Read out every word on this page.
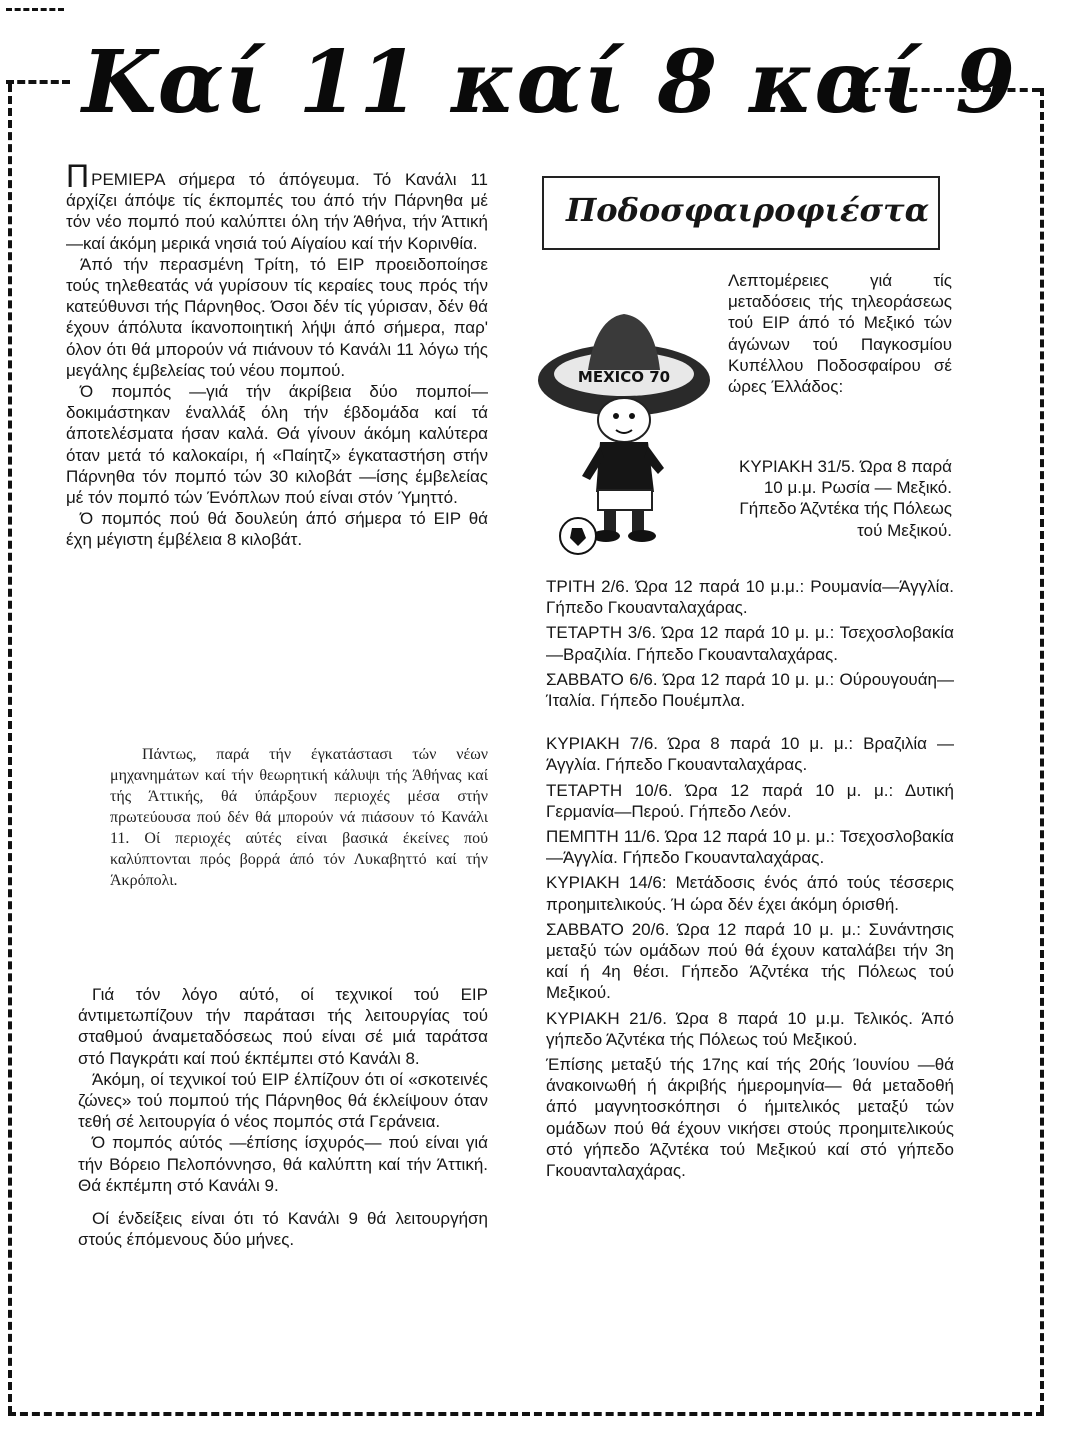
Καί 11 καί 8 καί 9

ΠΡΕΜΙΕΡΑ σήμερα τό άπόγευμα. Τό Κανάλι 11 άρχίζει άπόψε τίς έκπομπές του άπό τήν Πάρνηθα μέ τόν νέο πομπό πού καλύπτει όλη τήν Άθήνα, τήν Άττική —καί άκόμη μερικά νησιά τού Αίγαίου καί τήν Κορινθία.

Άπό τήν περασμένη Τρίτη, τό ΕΙΡ προειδοποίησε τούς τηλεθεατάς νά γυρίσουν τίς κεραίες τους πρός τήν κατεύθυνσι τής Πάρνηθος. Όσοι δέν τίς γύρισαν, δέν θά έχουν άπόλυτα ίκανοποιητική λήψι άπό σήμερα, παρ' όλον ότι θά μπορούν νά πιάνουν τό Κανάλι 11 λόγω τής μεγάλης έμβελείας τού νέου πομπού.

Ό πομπός —γιά τήν άκρίβεια δύο πομποί— δοκιμάστηκαν έναλλάξ όλη τήν έβδομάδα καί τά άποτελέσματα ήσαν καλά. Θά γίνουν άκόμη καλύτερα όταν μετά τό καλοκαίρι, ή «Παίητζ» έγκαταστήση στήν Πάρνηθα τόν πομπό τών 30 κιλοβάτ —ίσης έμβελείας μέ τόν πομπό τών Ένόπλων πού είναι στόν Ύμηττό.

Ό πομπός πού θά δουλεύη άπό σήμερα τό ΕΙΡ θά έχη μέγιστη έμβέλεια 8 κιλοβάτ.

Πάντως, παρά τήν έγκατάστασι τών νέων μηχανημάτων καί τήν θεωρητική κάλυψι τής Άθήνας καί τής Άττικής, θά ύπάρξουν περιοχές μέσα στήν πρωτεύουσα πού δέν θά μπορούν νά πιάσουν τό Κανάλι 11. Οί περιοχές αύτές είναι βασικά έκείνες πού καλύπτονται πρός βορρά άπό τόν Λυκαβηττό καί τήν Άκρόπολι.

Γιά τόν λόγο αύτό, οί τεχνικοί τού ΕΙΡ άντιμετωπίζουν τήν παράτασι τής λειτουργίας τού σταθμού άναμεταδόσεως πού είναι σέ μιά ταράτσα στό Παγκράτι καί πού έκπέμπει στό Κανάλι 8.

Άκόμη, οί τεχνικοί τού ΕΙΡ έλπίζουν ότι οί «σκοτεινές ζώνες» τού πομπού τής Πάρνηθος θά έκλείψουν όταν τεθή σέ λειτουργία ό νέος πομπός στά Γεράνεια.

Ό πομπός αύτός —έπίσης ίσχυρός— πού είναι γιά τήν Βόρειο Πελοπόννησο, θά καλύπτη καί τήν Άττική. Θά έκπέμπη στό Κανάλι 9.

Οί ένδείξεις είναι ότι τό Κανάλι 9 θά λειτουργήση στούς έπόμενους δύο μήνες.

Ποδοσφαιροφιέστα
MEXICO 70
Λεπτομέρειες γιά τίς μεταδόσεις τής τηλεοράσεως τού ΕΙΡ άπό τό Μεξικό τών άγώνων τού Παγκοσμίου Κυπέλλου Ποδοσφαίρου σέ ώρες Έλλάδος:
ΚΥΡΙΑΚΗ 31/5. Ώρα 8 παρά 10 μ.μ. Ρωσία — Μεξικό. Γήπεδο Άζντέκα τής Πόλεως τού Μεξικού.

ΤΡΙΤΗ 2/6. Ώρα 12 παρά 10 μ.μ.: Ρουμανία—Άγγλία. Γήπεδο Γκουανταλαχάρας.

ΤΕΤΑΡΤΗ 3/6. Ώρα 12 παρά 10 μ. μ.: Τσεχοσλοβακία—Βραζιλία. Γήπεδο Γκουανταλαχάρας.

ΣΑΒΒΑΤΟ 6/6. Ώρα 12 παρά 10 μ. μ.: Ούρουγουάη—Ίταλία. Γήπεδο Πουέμπλα.

ΚΥΡΙΑΚΗ 7/6. Ώρα 8 παρά 10 μ. μ.: Βραζιλία — Άγγλία. Γήπεδο Γκουανταλαχάρας.

ΤΕΤΑΡΤΗ 10/6. Ώρα 12 παρά 10 μ. μ.: Δυτική Γερμανία—Περού. Γήπεδο Λεόν.

ΠΕΜΠΤΗ 11/6. Ώρα 12 παρά 10 μ. μ.: Τσεχοσλοβακία—Άγγλία. Γήπεδο Γκουανταλαχάρας.

ΚΥΡΙΑΚΗ 14/6: Μετάδοσις ένός άπό τούς τέσσερις προημιτελικούς. Ή ώρα δέν έχει άκόμη όρισθή.

ΣΑΒΒΑΤΟ 20/6. Ώρα 12 παρά 10 μ. μ.: Συνάντησις μεταξύ τών ομάδων πού θά έχουν καταλάβει τήν 3η καί ή 4η θέσι. Γήπεδο Άζντέκα τής Πόλεως τού Μεξικού.

ΚΥΡΙΑΚΗ 21/6. Ώρα 8 παρά 10 μ.μ. Τελικός. Άπό γήπεδο Άζντέκα τής Πόλεως τού Μεξικού.

Έπίσης μεταξύ τής 17ης καί τής 20ής Ίουνίου —θά άνακοινωθή ή άκριβής ήμερομηνία— θά μεταδοθή άπό μαγνητοσκόπησι ό ήμιτελικός μεταξύ τών ομάδων πού θά έχουν νικήσει στούς προημιτελικούς στό γήπεδο Άζντέκα τού Μεξικού καί στό γήπεδο Γκουανταλαχάρας.
